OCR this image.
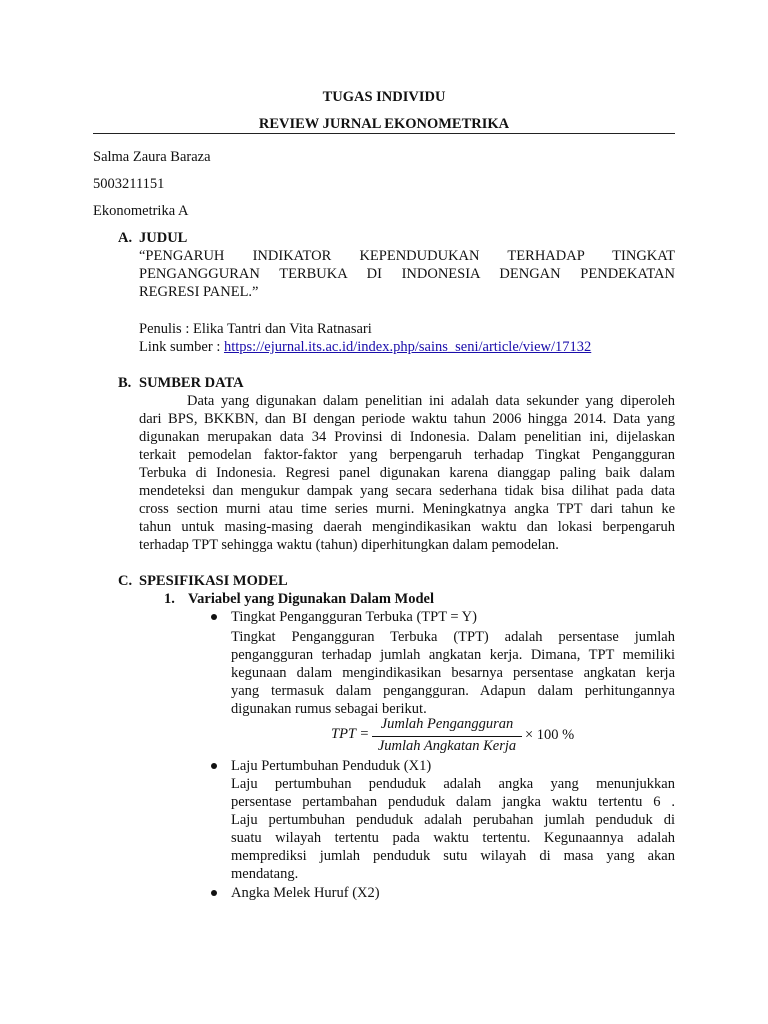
TUGAS INDIVIDU
REVIEW JURNAL EKONOMETRIKA
Salma Zaura Baraza
5003211151
Ekonometrika A
A. JUDUL
“PENGARUH INDIKATOR KEPENDUDUKAN TERHADAP TINGKAT
PENGANGGURAN TERBUKA DI INDONESIA DENGAN PENDEKATAN
REGRESI PANEL.”
Penulis : Elika Tantri dan Vita Ratnasari
Link sumber : https://ejurnal.its.ac.id/index.php/sains_seni/article/view/17132
B. SUMBER DATA
Data yang digunakan dalam penelitian ini adalah data sekunder yang diperoleh
dari BPS, BKKBN, dan BI dengan periode waktu tahun 2006 hingga 2014. Data yang
digunakan merupakan data 34 Provinsi di Indonesia. Dalam penelitian ini, dijelaskan
terkait pemodelan faktor-faktor yang berpengaruh terhadap Tingkat Pengangguran
Terbuka di Indonesia. Regresi panel digunakan karena dianggap paling baik dalam
mendeteksi dan mengukur dampak yang secara sederhana tidak bisa dilihat pada data
cross section murni atau time series murni. Meningkatnya angka TPT dari tahun ke
tahun untuk masing-masing daerah mengindikasikan waktu dan lokasi berpengaruh
terhadap TPT sehingga waktu (tahun) diperhitungkan dalam pemodelan.
C. SPESIFIKASI MODEL
1. Variabel yang Digunakan Dalam Model
Tingkat Pengangguran Terbuka (TPT = Y)
Tingkat Pengangguran Terbuka (TPT) adalah persentase jumlah
pengangguran terhadap jumlah angkatan kerja. Dimana, TPT memiliki
kegunaan dalam mengindikasikan besarnya persentase angkatan kerja
yang termasuk dalam pengangguran. Adapun dalam perhitungannya
digunakan rumus sebagai berikut.
TPT =
Jumlah Pengangguran
Jumlah Angkatan Kerja
× 100 %
Laju Pertumbuhan Penduduk (X1)
Laju pertumbuhan penduduk adalah angka yang menunjukkan
persentase pertambahan penduduk dalam jangka waktu tertentu 6 .
Laju pertumbuhan penduduk adalah perubahan jumlah penduduk di
suatu wilayah tertentu pada waktu tertentu. Kegunaannya adalah
memprediksi jumlah penduduk sutu wilayah di masa yang akan
mendatang.
Angka Melek Huruf (X2)
